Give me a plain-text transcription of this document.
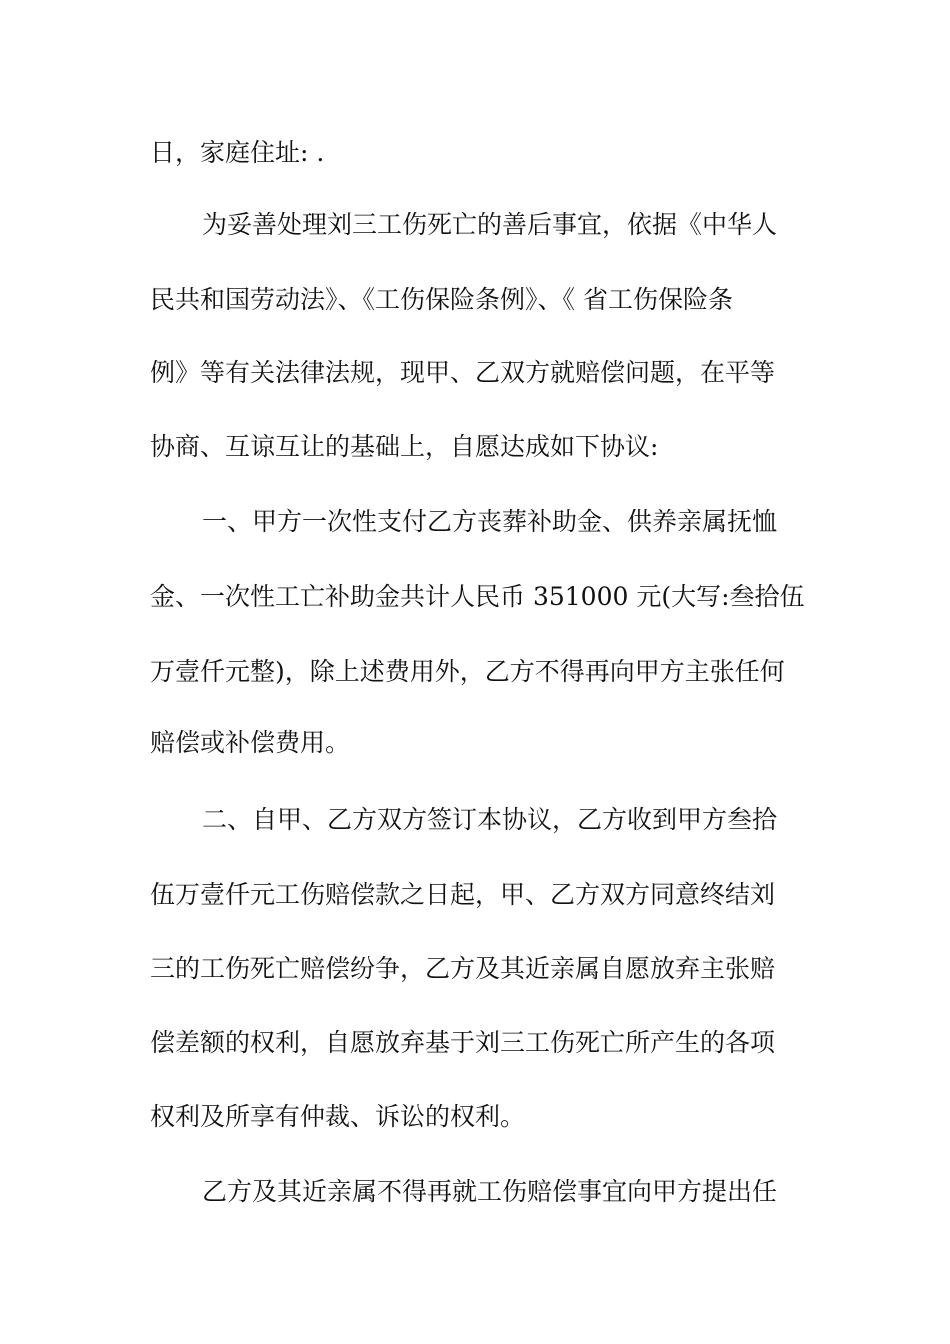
日，家庭住址: .
为妥善处理刘三工伤死亡的善后事宜，依据《中华人
民共和国劳动法》、《工伤保险条例》、《 省工伤保险条
例》等有关法律法规，现甲、乙双方就赔偿问题，在平等
协商、互谅互让的基础上，自愿达成如下协议:
一、甲方一次性支付乙方丧葬补助金、供养亲属抚恤
金、一次性工亡补助金共计人民币 351000 元(大写:叁拾伍
万壹仟元整)，除上述费用外，乙方不得再向甲方主张任何
赔偿或补偿费用。
二、自甲、乙方双方签订本协议，乙方收到甲方叁拾
伍万壹仟元工伤赔偿款之日起，甲、乙方双方同意终结刘
三的工伤死亡赔偿纷争，乙方及其近亲属自愿放弃主张赔
偿差额的权利，自愿放弃基于刘三工伤死亡所产生的各项
权利及所享有仲裁、诉讼的权利。
乙方及其近亲属不得再就工伤赔偿事宜向甲方提出任
